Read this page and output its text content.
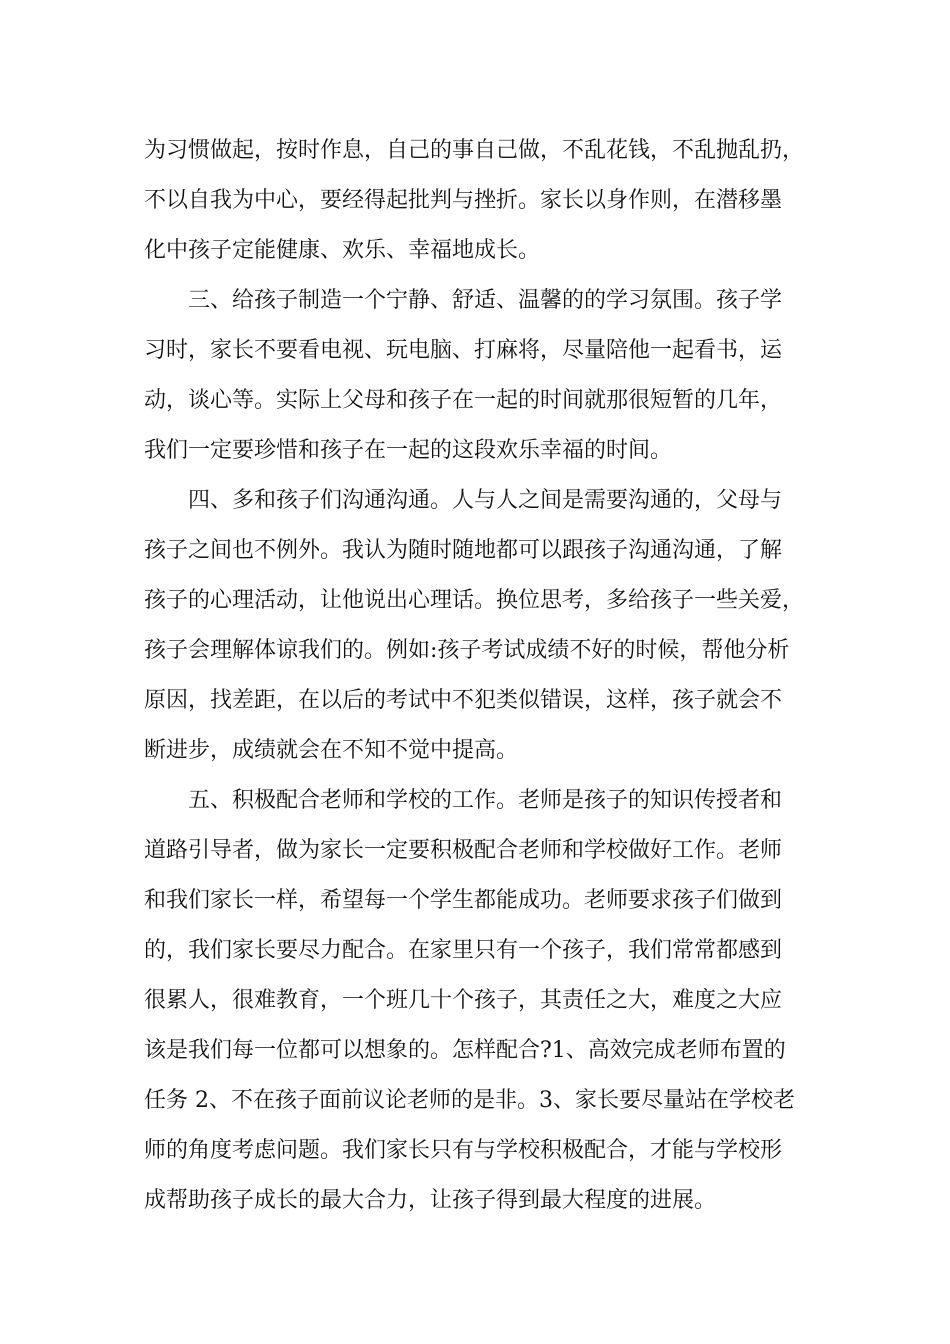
为习惯做起，按时作息，自己的事自己做，不乱花钱，不乱抛乱扔，
不以自我为中心，要经得起批判与挫折。家长以身作则，在潜移墨
化中孩子定能健康、欢乐、幸福地成长。
三、给孩子制造一个宁静、舒适、温馨的的学习氛围。孩子学
习时，家长不要看电视、玩电脑、打麻将，尽量陪他一起看书，运
动，谈心等。实际上父母和孩子在一起的时间就那很短暂的几年，
我们一定要珍惜和孩子在一起的这段欢乐幸福的时间。
四、多和孩子们沟通沟通。人与人之间是需要沟通的，父母与
孩子之间也不例外。我认为随时随地都可以跟孩子沟通沟通，了解
孩子的心理活动，让他说出心理话。换位思考，多给孩子一些关爱，
孩子会理解体谅我们的。例如:孩子考试成绩不好的时候，帮他分析
原因，找差距，在以后的考试中不犯类似错误，这样，孩子就会不
断进步，成绩就会在不知不觉中提高。
五、积极配合老师和学校的工作。老师是孩子的知识传授者和
道路引导者，做为家长一定要积极配合老师和学校做好工作。老师
和我们家长一样，希望每一个学生都能成功。老师要求孩子们做到
的，我们家长要尽力配合。在家里只有一个孩子，我们常常都感到
很累人，很难教育，一个班几十个孩子，其责任之大，难度之大应
该是我们每一位都可以想象的。怎样配合?1、高效完成老师布置的
任务 2、不在孩子面前议论老师的是非。3、家长要尽量站在学校老
师的角度考虑问题。我们家长只有与学校积极配合，才能与学校形
成帮助孩子成长的最大合力，让孩子得到最大程度的进展。
